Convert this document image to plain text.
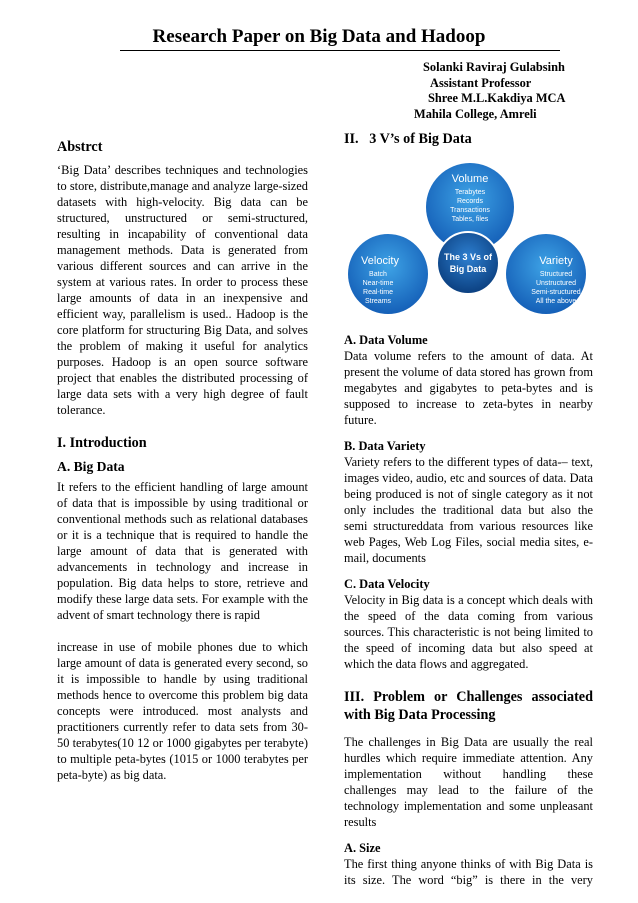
Research Paper on Big Data and Hadoop
Solanki Raviraj Gulabsinh
Assistant Professor
Shree M.L.Kakdiya MCA
Mahila College, Amreli
Abstrct

‘Big Data’ describes techniques and technologies to store, distribute,manage and analyze large-sized datasets with high-velocity. Big data can be structured, unstructured or semi-structured, resulting in incapability of conventional data management methods. Data is generated from various different sources and can arrive in the system at various rates. In order to process these large amounts of data in an inexpensive and efficient way, parallelism is used.. Hadoop is the core platform for structuring Big Data, and solves the problem of making it useful for analytics purposes. Hadoop is an open source software project that enables the distributed processing of large data sets with a very high degree of fault tolerance.

I. Introduction
A. Big Data

It refers to the efficient handling of large amount of data that is impossible by using traditional or conventional methods such as relational databases or it is a technique that is required to handle the large amount of data that is generated with advancements in technology and increase in population. Big data helps to store, retrieve and modify these large data sets. For example with the advent of smart technology there is rapid

increase in use of mobile phones due to which large amount of data is generated every second, so it is impossible to handle by using traditional methods hence to overcome this problem big data concepts were introduced. most analysts and practitioners currently refer to data sets from 30-50 terabytes(10 12 or 1000 gigabytes per terabyte) to multiple peta-bytes (1015 or 1000 terabytes per peta-byte) as big data.

II.   3 V’s of Big Data
Volume
Terabytes
Records
Transactions
Tables, files
Velocity
Batch
Near-time
Real-time
Streams
Variety
Structured
Unstructured
Semi-structured
All the above
The 3 Vs of
Big Data
A. Data Volume

Data volume refers to the amount of data. At present the volume of data stored has grown from megabytes and gigabytes to peta-bytes and is supposed to increase to zeta-bytes in nearby future.

B. Data Variety

Variety refers to the different types of data-– text, images video, audio, etc and sources of data. Data being produced is not of single category as it not only includes the traditional data but also the semi structureddata from various resources like web Pages, Web Log Files, social media sites, e-mail, documents

C. Data Velocity

Velocity in Big data is a concept which deals with the speed of the data coming from various sources. This characteristic is not being limited to the speed of incoming data but also speed at which the data flows and aggregated.

III. Problem or Challenges associated with Big Data Processing

The challenges in Big Data are usually the real hurdles which require immediate attention. Any implementation without handling these challenges may lead to the failure of the technology implementation and some unpleasant results

A. Size

The first thing anyone thinks of with Big Data is its size. The word “big” is there in the very
